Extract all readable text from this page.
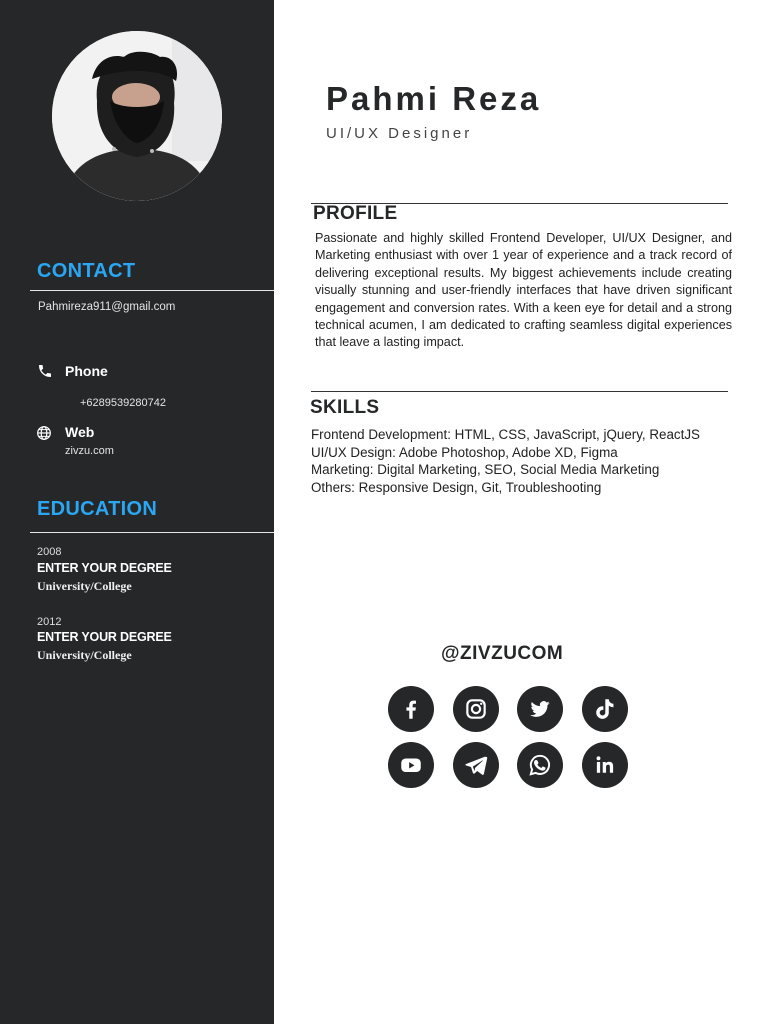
CONTACT
Pahmireza911@gmail.com
Phone
+6289539280742
Web
zivzu.com
EDUCATION
2008
ENTER YOUR DEGREE
University/College
2012
ENTER YOUR DEGREE
University/College
Pahmi Reza
UI/UX Designer
PROFILE
Passionate and highly skilled Frontend Developer, UI/UX Designer, and Marketing enthusiast with over 1 year of experience and a track record of delivering exceptional results. My biggest achievements include creating visually stunning and user-friendly interfaces that have driven significant engagement and conversion rates. With a keen eye for detail and a strong technical acumen, I am dedicated to crafting seamless digital experiences that leave a lasting impact.
SKILLS
Frontend Development: HTML, CSS, JavaScript, jQuery, ReactJS
UI/UX Design: Adobe Photoshop, Adobe XD, Figma
Marketing: Digital Marketing, SEO, Social Media Marketing
Others: Responsive Design, Git, Troubleshooting
@ZIVZUCOM
